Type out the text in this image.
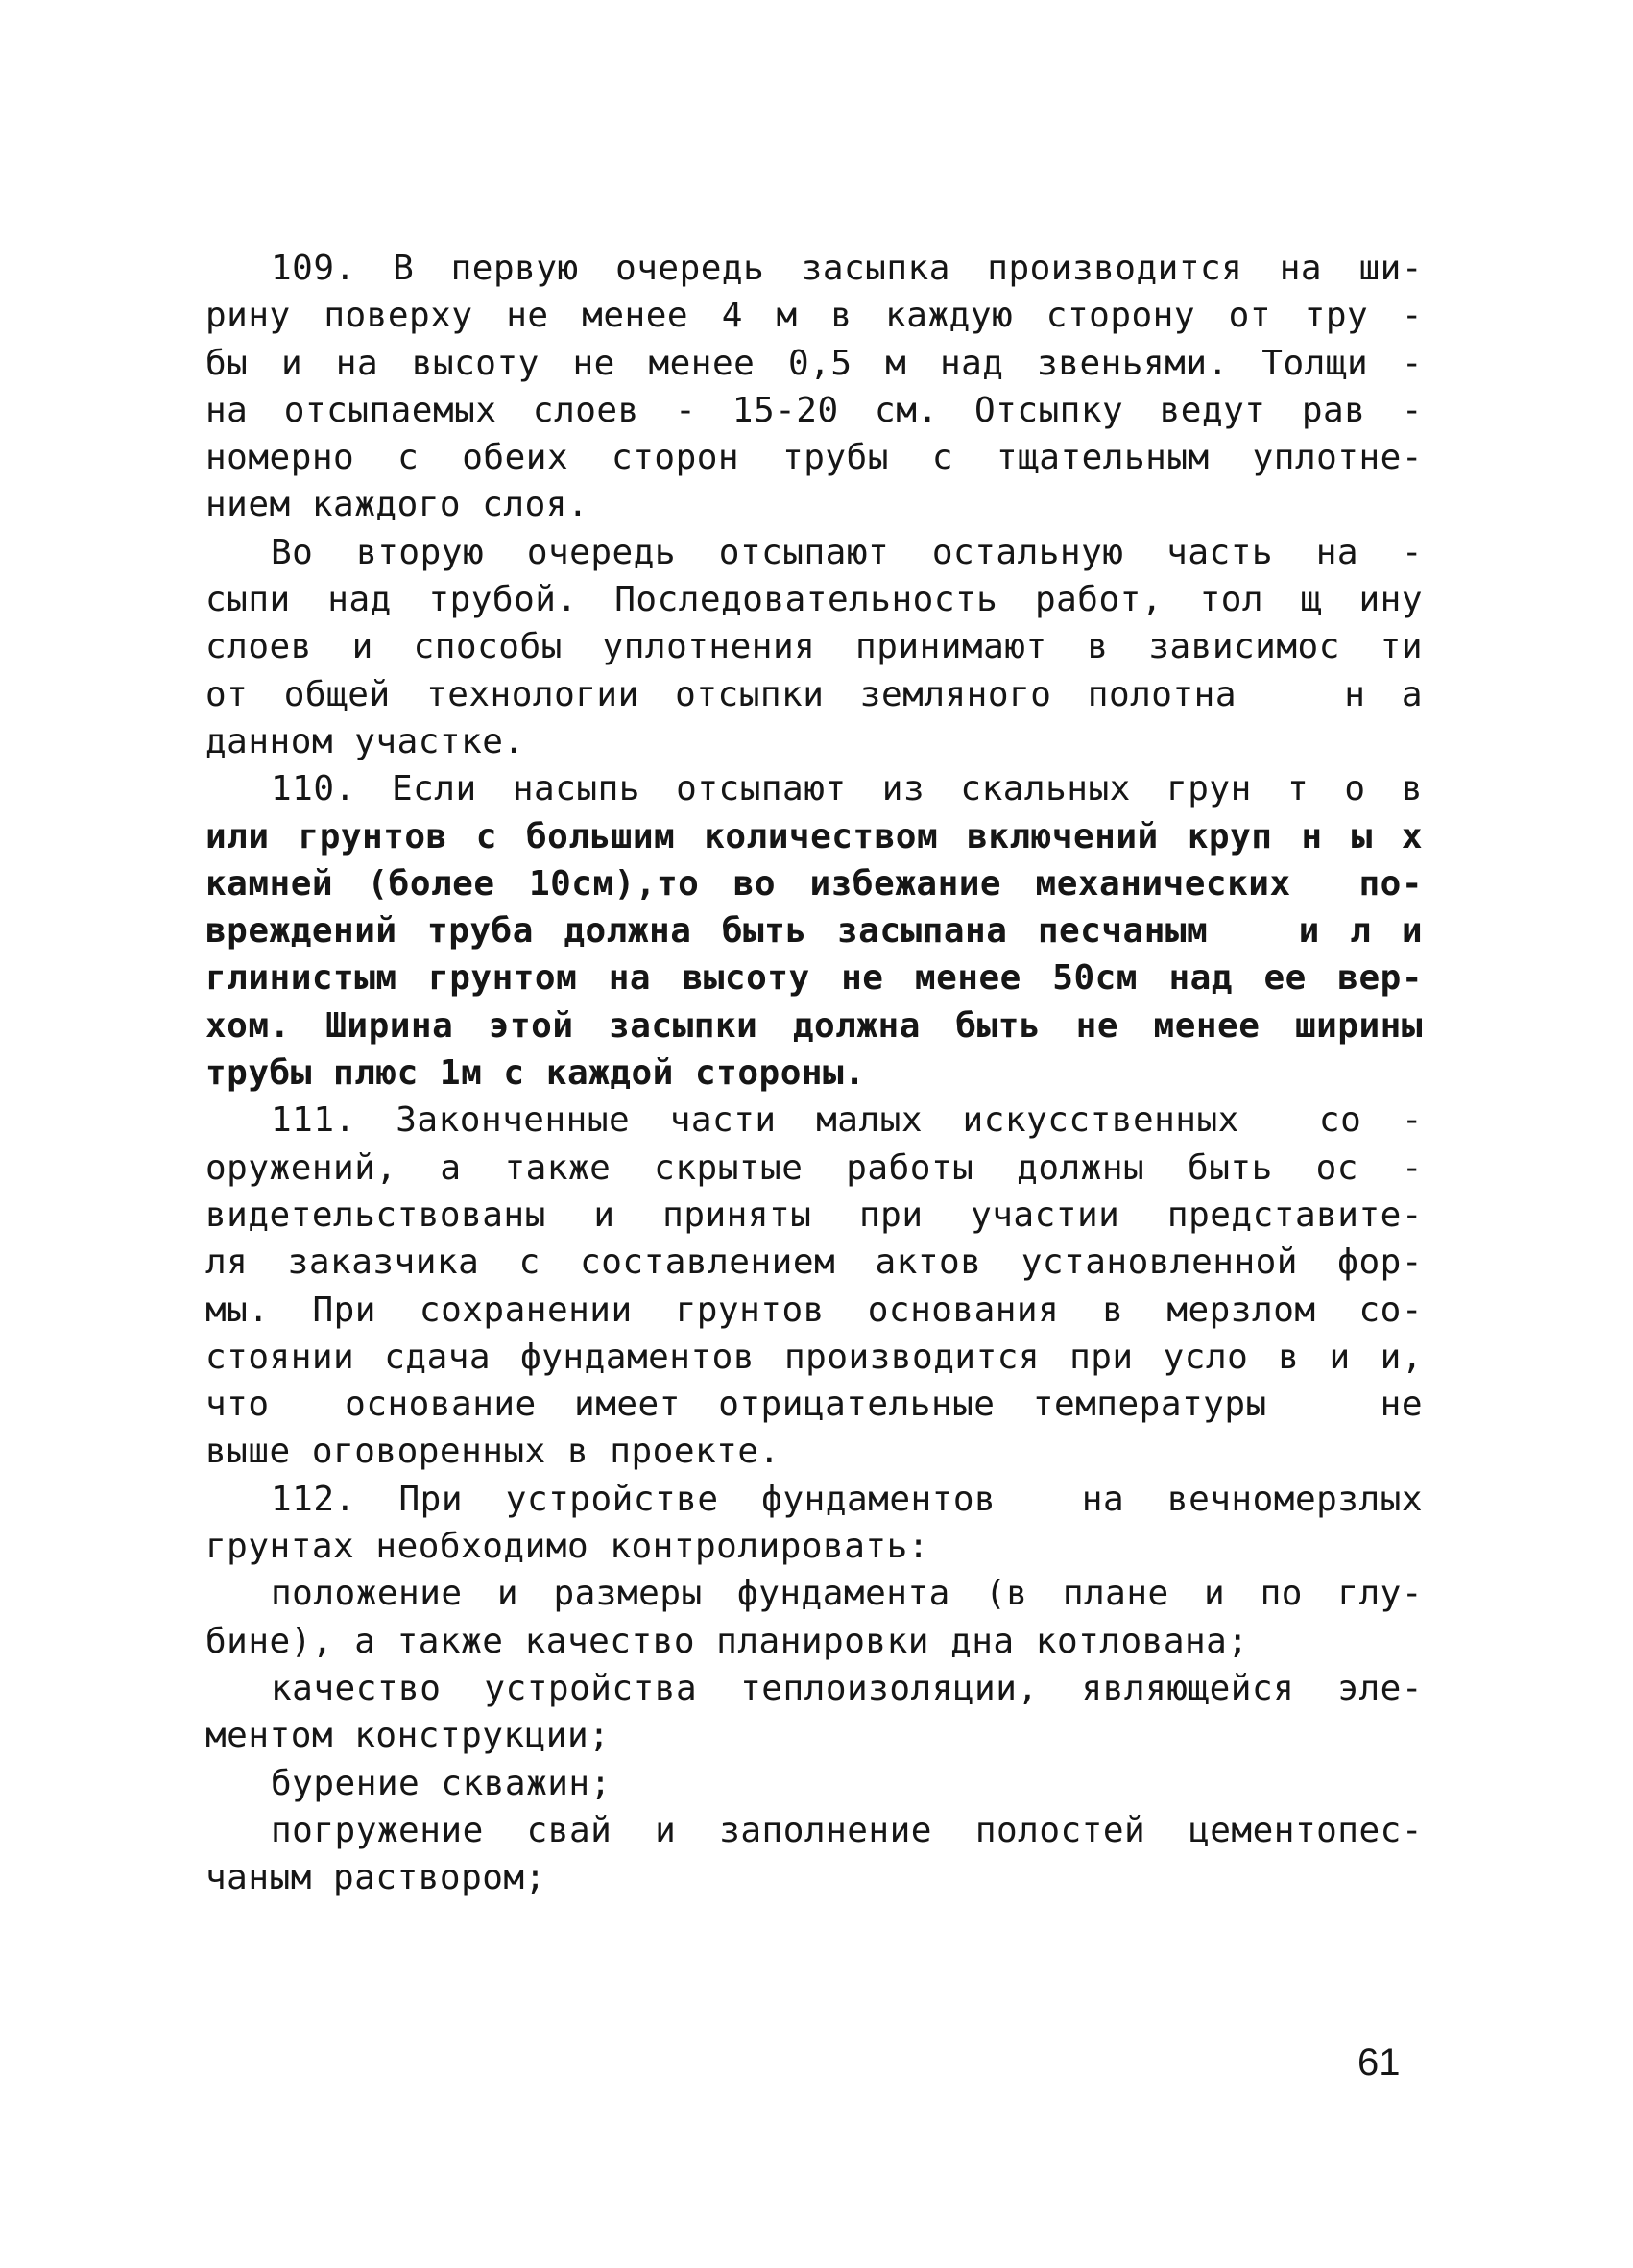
109. В первую очередь засыпка производится на ши-
рину поверху не менее 4 м в каждую сторону от тру -
бы и на высоту не менее 0,5 м над звеньями. Толщи -
на отсыпаемых слоев - 15-20 см. Отсыпку ведут рав -
номерно с обеих сторон трубы с тщательным уплотне-
нием каждого слоя.
Во вторую очередь отсыпают остальную часть на -
сыпи над трубой. Последовательность работ, тол щ ину
слоев и способы уплотнения принимают в зависимос ти
от общей технологии отсыпки земляного полотна   н а
данном участке.
110. Если насыпь отсыпают из скальных грун т о в
или грунтов с большим количеством включений круп н ы х
камней (более 10см),то во избежание механических  по-
вреждений труба должна быть засыпана песчаным   и л и
глинистым грунтом на высоту не менее 50см над ее вер-
хом. Ширина этой засыпки должна быть не менее ширины
трубы плюс 1м с каждой стороны.
111. Законченные части малых искусственных  со -
оружений, а также скрытые работы должны быть ос -
видетельствованы и приняты при участии представите-
ля заказчика с составлением актов установленной фор-
мы. При сохранении грунтов основания в мерзлом со-
стоянии сдача фундаментов производится при усло в и и,
что  основание имеет отрицательные температуры   не
выше оговоренных в проекте.
112. При устройстве фундаментов  на вечномерзлых
грунтах необходимо контролировать:
положение и размеры фундамента (в плане и по глу-
бине), а также качество планировки дна котлована;
качество устройства теплоизоляции, являющейся эле-
ментом конструкции;
бурение скважин;
погружение свай и заполнение полостей цементопес-
чаным раствором;
61
